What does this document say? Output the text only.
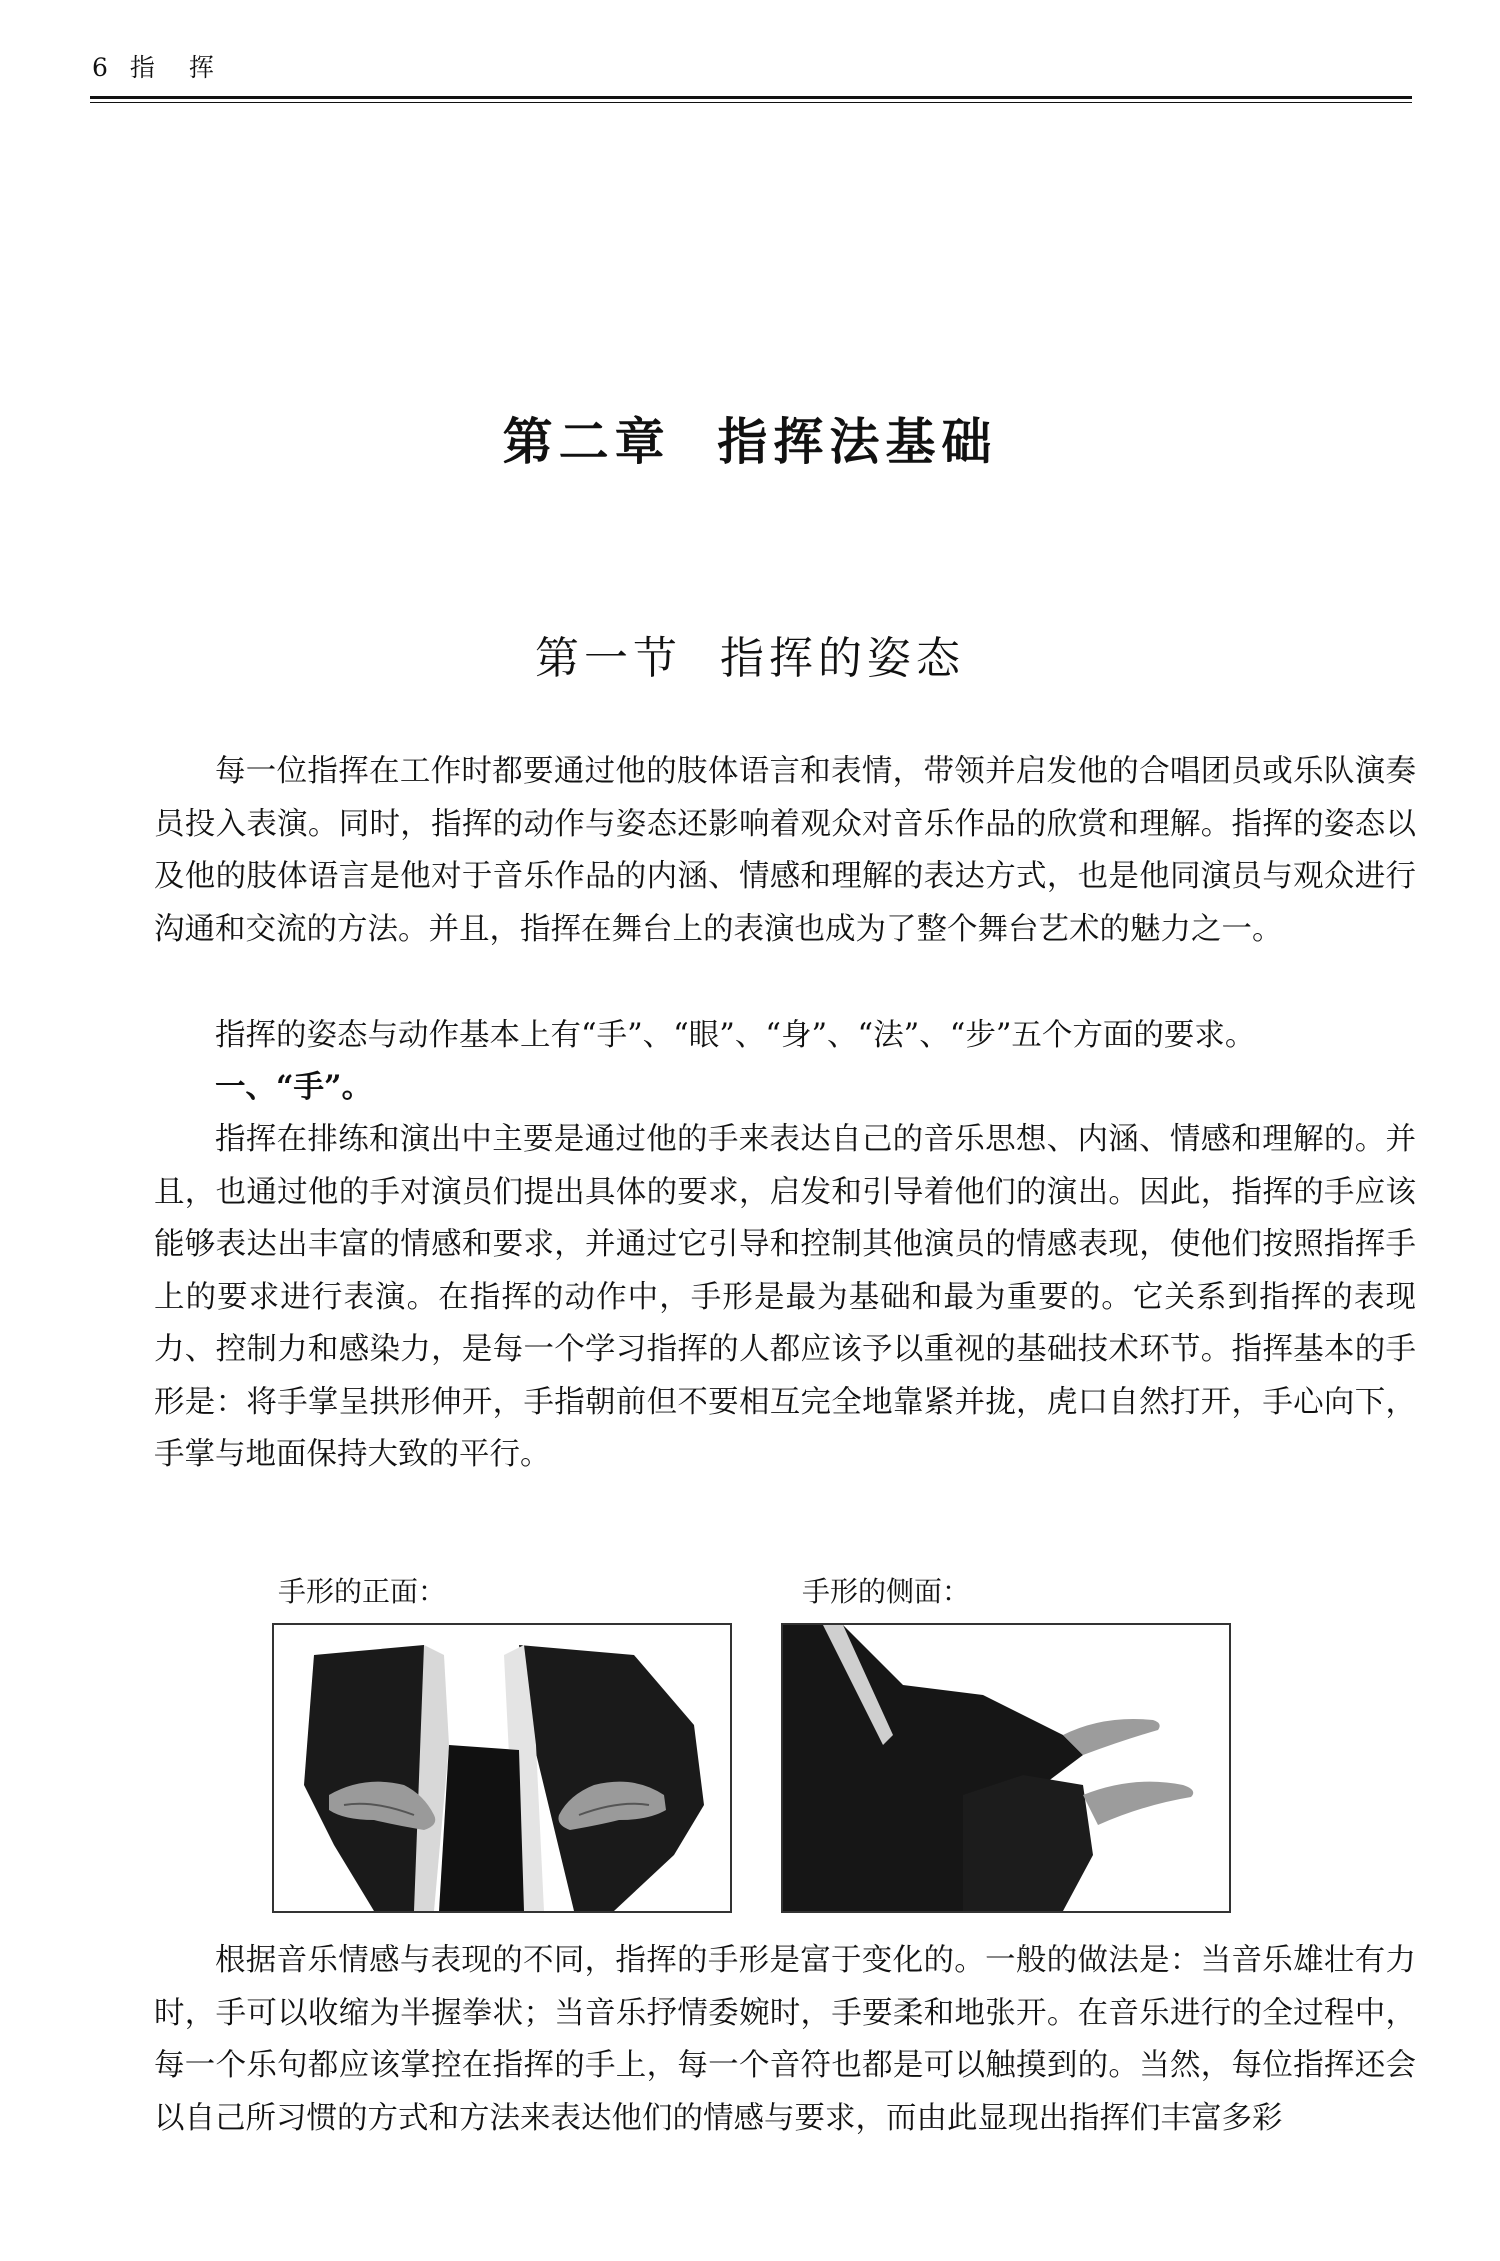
6 指挥
第二章  指挥法基础
第一节  指挥的姿态
每一位指挥在工作时都要通过他的肢体语言和表情，带领并启发他的合唱团员或乐队演奏员投入表演。同时，指挥的动作与姿态还影响着观众对音乐作品的欣赏和理解。指挥的姿态以及他的肢体语言是他对于音乐作品的内涵、情感和理解的表达方式，也是他同演员与观众进行沟通和交流的方法。并且，指挥在舞台上的表演也成为了整个舞台艺术的魅力之一。
指挥的姿态与动作基本上有“手”、“眼”、“身”、“法”、“步”五个方面的要求。
一、“手”。
指挥在排练和演出中主要是通过他的手来表达自己的音乐思想、内涵、情感和理解的。并且，也通过他的手对演员们提出具体的要求，启发和引导着他们的演出。因此，指挥的手应该能够表达出丰富的情感和要求，并通过它引导和控制其他演员的情感表现，使他们按照指挥手上的要求进行表演。在指挥的动作中，手形是最为基础和最为重要的。它关系到指挥的表现力、控制力和感染力，是每一个学习指挥的人都应该予以重视的基础技术环节。指挥基本的手形是：将手掌呈拱形伸开，手指朝前但不要相互完全地靠紧并拢，虎口自然打开，手心向下，手掌与地面保持大致的平行。
手形的正面：	手形的侧面：
根据音乐情感与表现的不同，指挥的手形是富于变化的。一般的做法是：当音乐雄壮有力时，手可以收缩为半握拳状；当音乐抒情委婉时，手要柔和地张开。在音乐进行的全过程中，每一个乐句都应该掌控在指挥的手上，每一个音符也都是可以触摸到的。当然，每位指挥还会以自己所习惯的方式和方法来表达他们的情感与要求，而由此显现出指挥们丰富多彩
